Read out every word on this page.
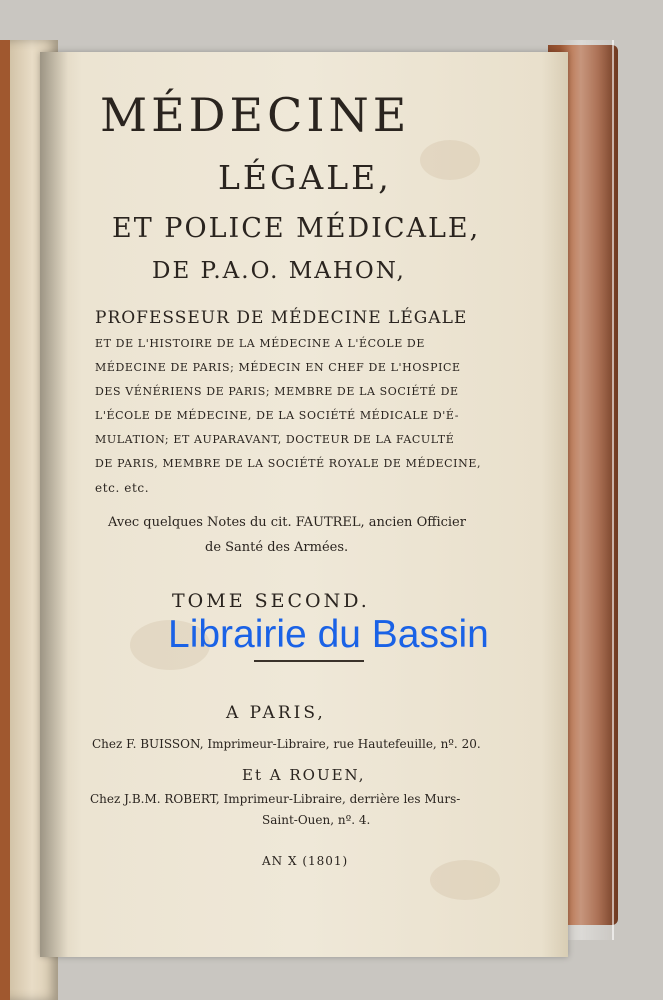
MÉDECINE
LÉGALE,
ET POLICE MÉDICALE,
DE P.A.O. MAHON,
PROFESSEUR DE MÉDECINE LÉGALE
ET DE L'HISTOIRE DE LA MÉDECINE A L'ÉCOLE DE
MÉDECINE DE PARIS; MÉDECIN EN CHEF DE L'HOSPICE
DES VÉNÉRIENS DE PARIS; MEMBRE DE LA SOCIÉTÉ DE
L'ÉCOLE DE MÉDECINE, DE LA SOCIÉTÉ MÉDICALE D'É-
MULATION; ET AUPARAVANT, DOCTEUR DE LA FACULTÉ
DE PARIS, MEMBRE DE LA SOCIÉTÉ ROYALE DE MÉDECINE,
etc. etc.
Avec quelques Notes du cit. FAUTREL, ancien Officier
de Santé des Armées.
TOME SECOND.
Librairie du Bassin
A PARIS,
Chez F. BUISSON, Imprimeur-Libraire, rue Hautefeuille, nº. 20.
Et A ROUEN,
Chez J.B.M. ROBERT, Imprimeur-Libraire, derrière les Murs-
Saint-Ouen, nº. 4.
AN X (1801)
